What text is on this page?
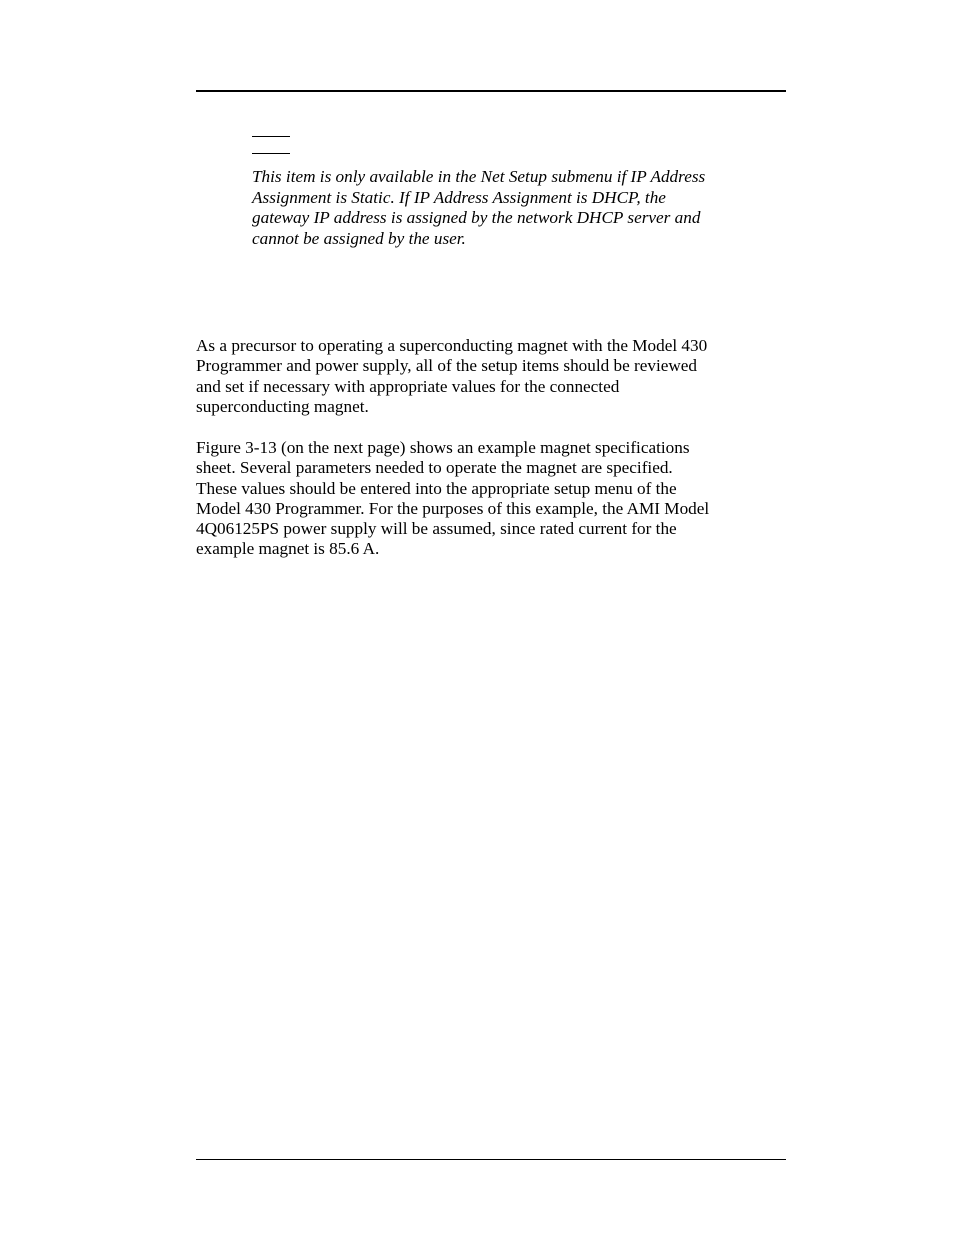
This item is only available in the Net Setup submenu if IP Address
Assignment is Static. If IP Address Assignment is DHCP, the
gateway IP address is assigned by the network DHCP server and
cannot be assigned by the user.
As a precursor to operating a superconducting magnet with the Model 430
Programmer and power supply, all of the setup items should be reviewed
and set if necessary with appropriate values for the connected
superconducting magnet.
Figure 3-13 (on the next page) shows an example magnet specifications
sheet. Several parameters needed to operate the magnet are specified.
These values should be entered into the appropriate setup menu of the
Model 430 Programmer. For the purposes of this example, the AMI Model
4Q06125PS power supply will be assumed, since rated current for the
example magnet is 85.6 A.
